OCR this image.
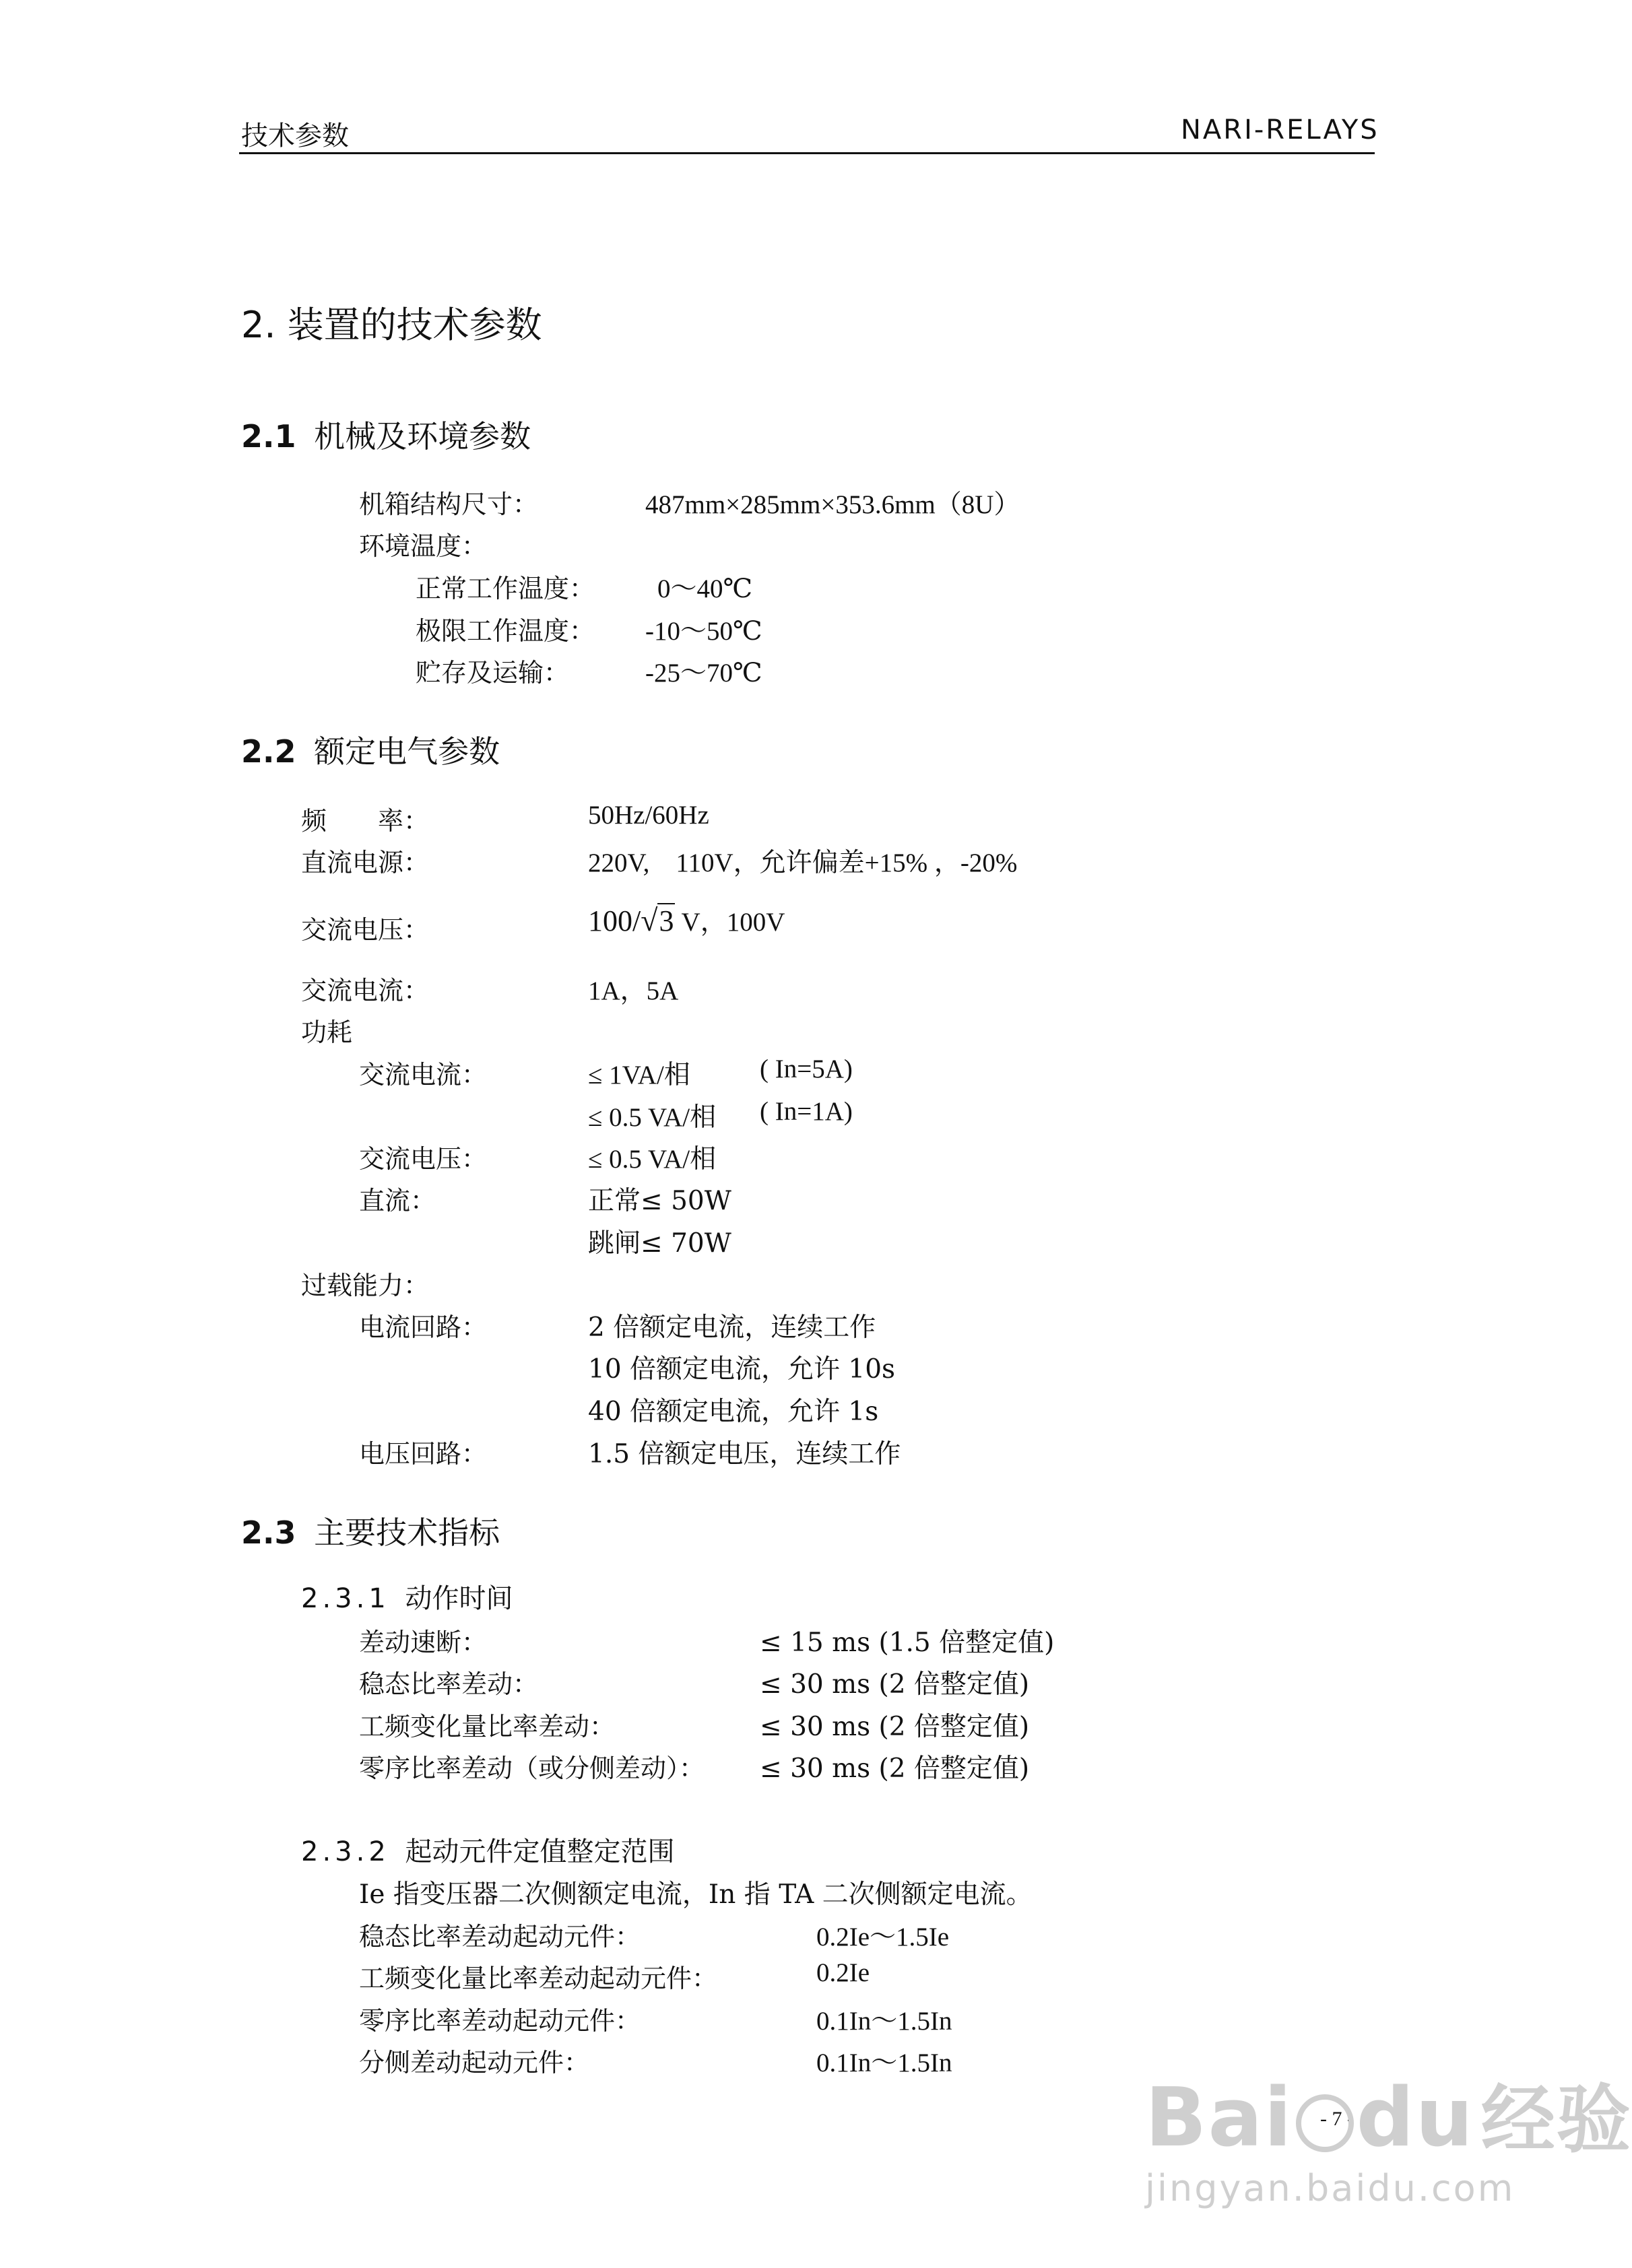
技术参数	NARI-RELAYS
2. 装置的技术参数
2.1 机械及环境参数
机箱结构尺寸：	487mm×285mm×353.6mm（8U）
环境温度：
正常工作温度： 0～40℃
极限工作温度： -10～50℃
贮存及运输：	-25～70℃
2.2 额定电气参数
频　　率：	50Hz/60Hz
直流电源：	220V,　110V，允许偏差+15% ，-20%
交流电压：	100/√3 V，100V
交流电流：	1A，5A
功耗
交流电流：	≤ 1VA/相	( In=5A)
≤ 0.5 VA/相 ( In=1A)
交流电压：	≤ 0.5 VA/相
直流：	正常≤ 50W
跳闸≤ 70W
过载能力：
电流回路：	2 倍额定电流，连续工作
10 倍额定电流，允许 10s
40 倍额定电流，允许 1s
电压回路：	1.5 倍额定电压，连续工作
2.3 主要技术指标
2.3.1 动作时间
差动速断：	≤ 15 ms (1.5 倍整定值)
稳态比率差动：	≤ 30 ms (2 倍整定值)
工频变化量比率差动：	≤ 30 ms (2 倍整定值)
零序比率差动（或分侧差动）： ≤ 30 ms (2 倍整定值)
2.3.2 起动元件定值整定范围
Ie 指变压器二次侧额定电流，In 指 TA 二次侧额定电流。
稳态比率差动起动元件：	0.2Ie～1.5Ie
工频变化量比率差动起动元件：	0.2Ie
零序比率差动起动元件：	0.1In～1.5In
分侧差动起动元件：	0.1In～1.5In
- 7 -
Bai du经验
jingyan.baidu.com
